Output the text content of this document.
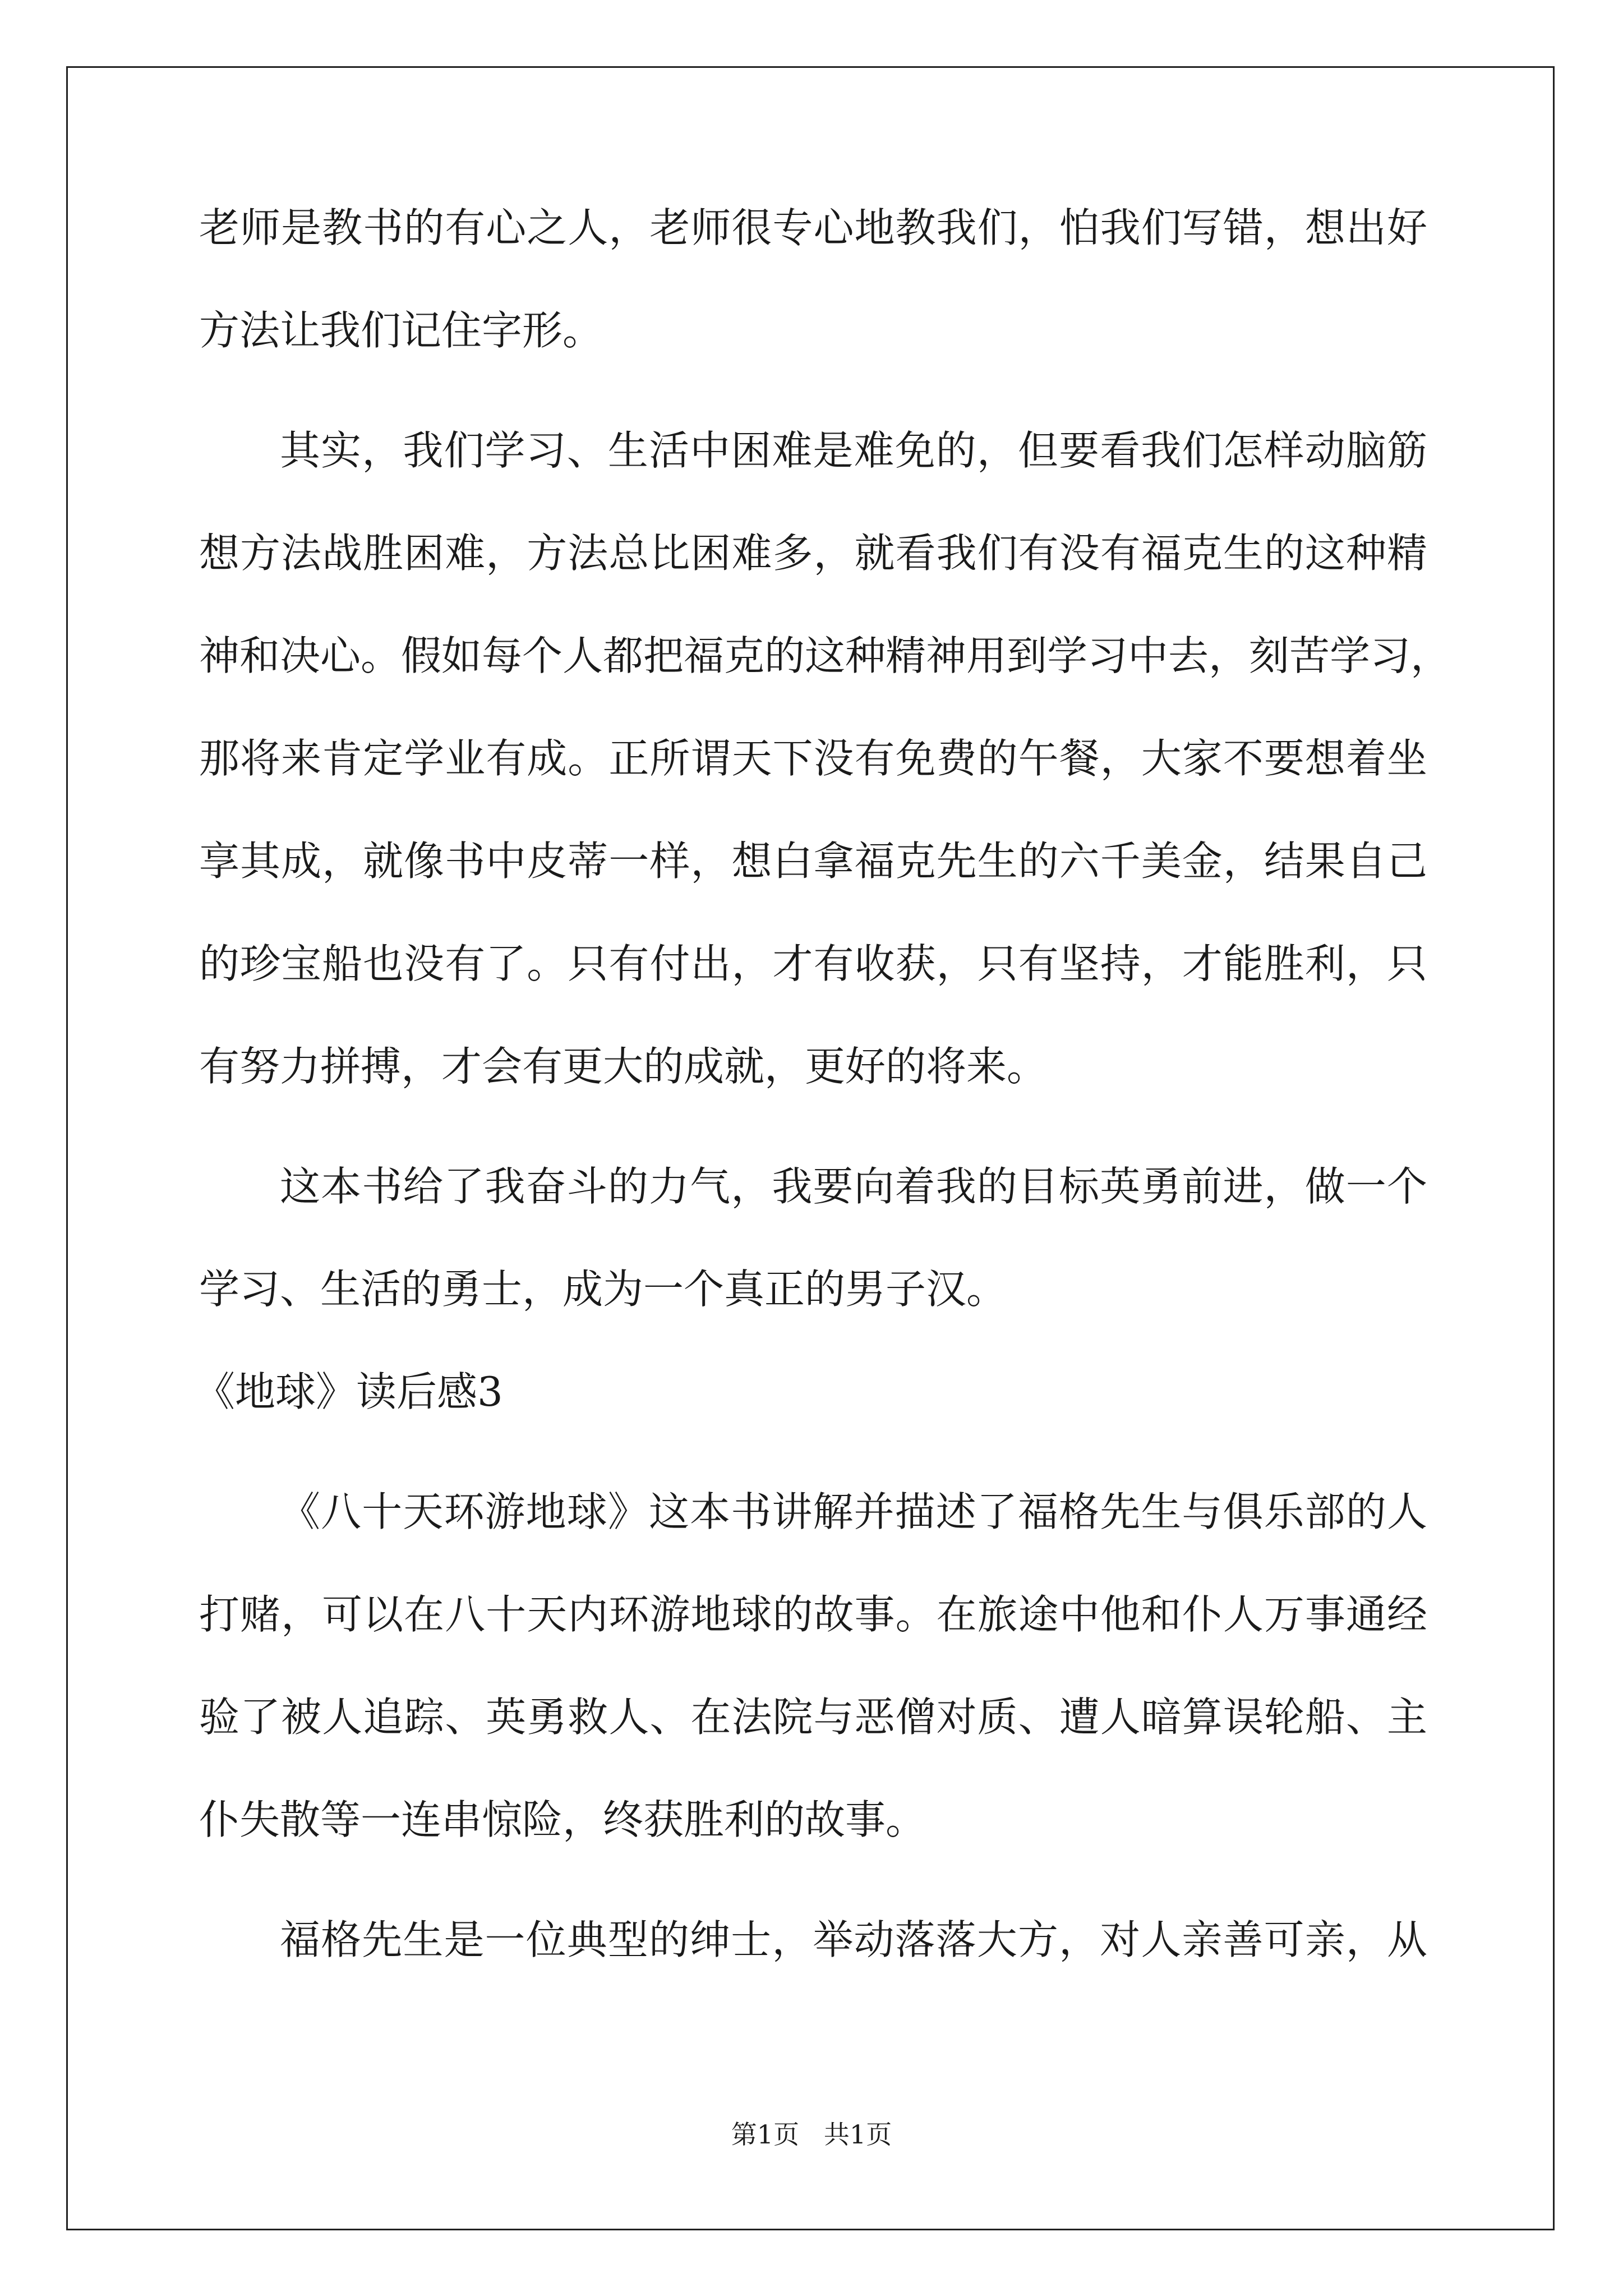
老师是教书的有心之人，老师很专心地教我们，怕我们写错，想出好
方法让我们记住字形。
其实，我们学习、生活中困难是难免的，但要看我们怎样动脑筋
想方法战胜困难，方法总比困难多，就看我们有没有福克生的这种精
神和决心。假如每个人都把福克的这种精神用到学习中去，刻苦学习，
那将来肯定学业有成。正所谓天下没有免费的午餐，大家不要想着坐
享其成，就像书中皮蒂一样，想白拿福克先生的六千美金，结果自己
的珍宝船也没有了。只有付出，才有收获，只有坚持，才能胜利，只
有努力拼搏，才会有更大的成就，更好的将来。
这本书给了我奋斗的力气，我要向着我的目标英勇前进，做一个
学习、生活的勇士，成为一个真正的男子汉。
《地球》读后感3
《八十天环游地球》这本书讲解并描述了福格先生与俱乐部的人
打赌，可以在八十天内环游地球的故事。在旅途中他和仆人万事通经
验了被人追踪、英勇救人、在法院与恶僧对质、遭人暗算误轮船、主
仆失散等一连串惊险，终获胜利的故事。
福格先生是一位典型的绅士，举动落落大方，对人亲善可亲，从
第1页   共1页
